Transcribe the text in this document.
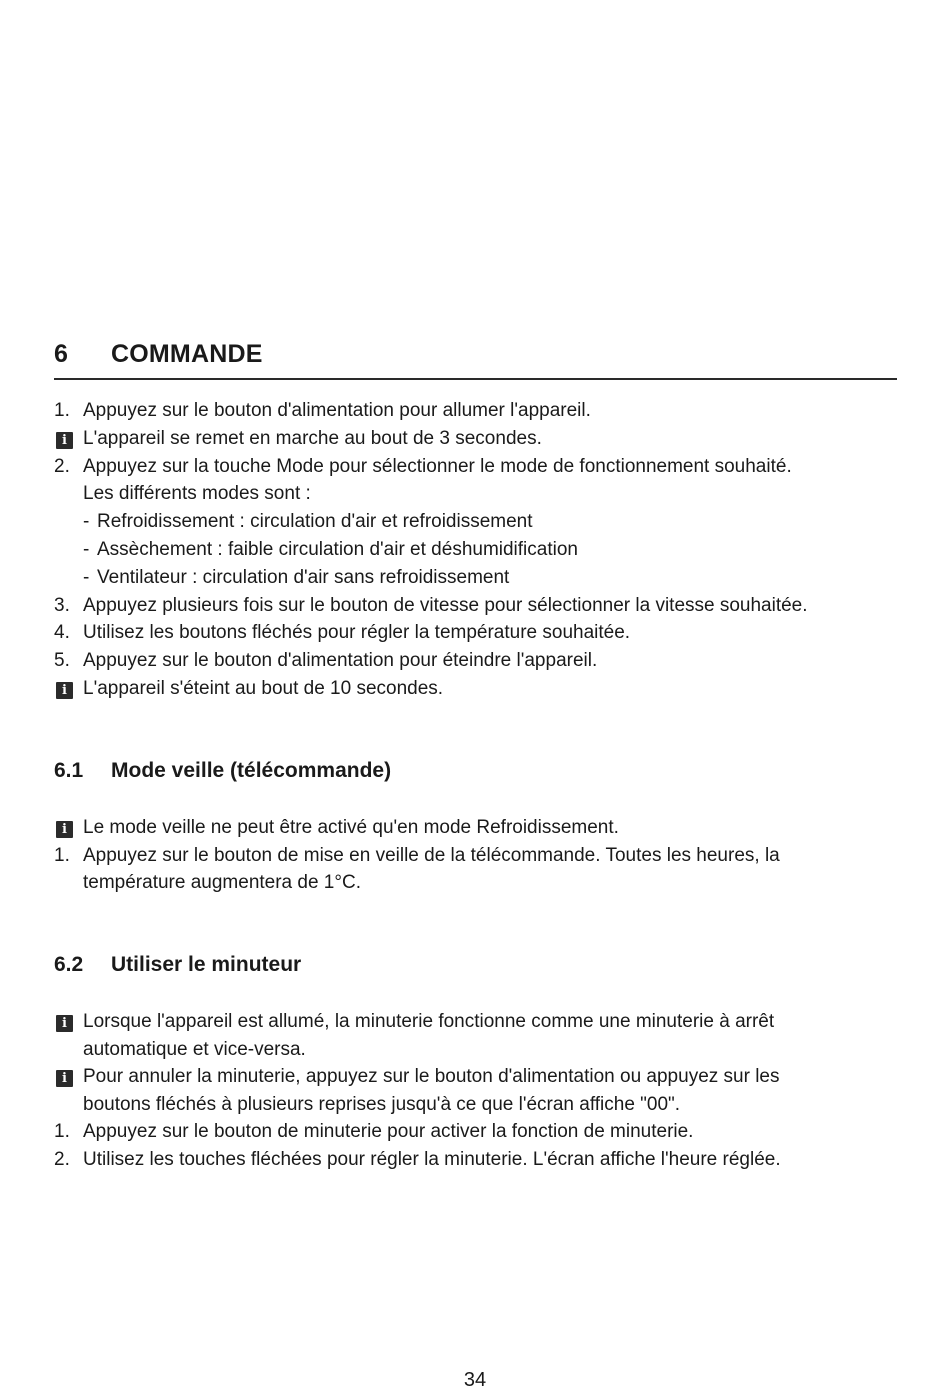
6 COMMANDE
1. Appuyez sur le bouton d'alimentation pour allumer l'appareil.
i L'appareil se remet en marche au bout de 3 secondes.
2. Appuyez sur la touche Mode pour sélectionner le mode de fonctionnement souhaité.
Les différents modes sont :
- Refroidissement : circulation d'air et refroidissement
- Assèchement : faible circulation d'air et déshumidification
- Ventilateur : circulation d'air sans refroidissement
3. Appuyez plusieurs fois sur le bouton de vitesse pour sélectionner la vitesse souhaitée.
4. Utilisez les boutons fléchés pour régler la température souhaitée.
5. Appuyez sur le bouton d'alimentation pour éteindre l'appareil.
i L'appareil s'éteint au bout de 10 secondes.
6.1 Mode veille (télécommande)
i Le mode veille ne peut être activé qu'en mode Refroidissement.
1. Appuyez sur le bouton de mise en veille de la télécommande. Toutes les heures, la
température augmentera de 1°C.
6.2 Utiliser le minuteur
i Lorsque l'appareil est allumé, la minuterie fonctionne comme une minuterie à arrêt
automatique et vice-versa.
i Pour annuler la minuterie, appuyez sur le bouton d'alimentation ou appuyez sur les
boutons fléchés à plusieurs reprises jusqu'à ce que l'écran affiche "00".
1. Appuyez sur le bouton de minuterie pour activer la fonction de minuterie.
2. Utilisez les touches fléchées pour régler la minuterie. L'écran affiche l'heure réglée.
34
